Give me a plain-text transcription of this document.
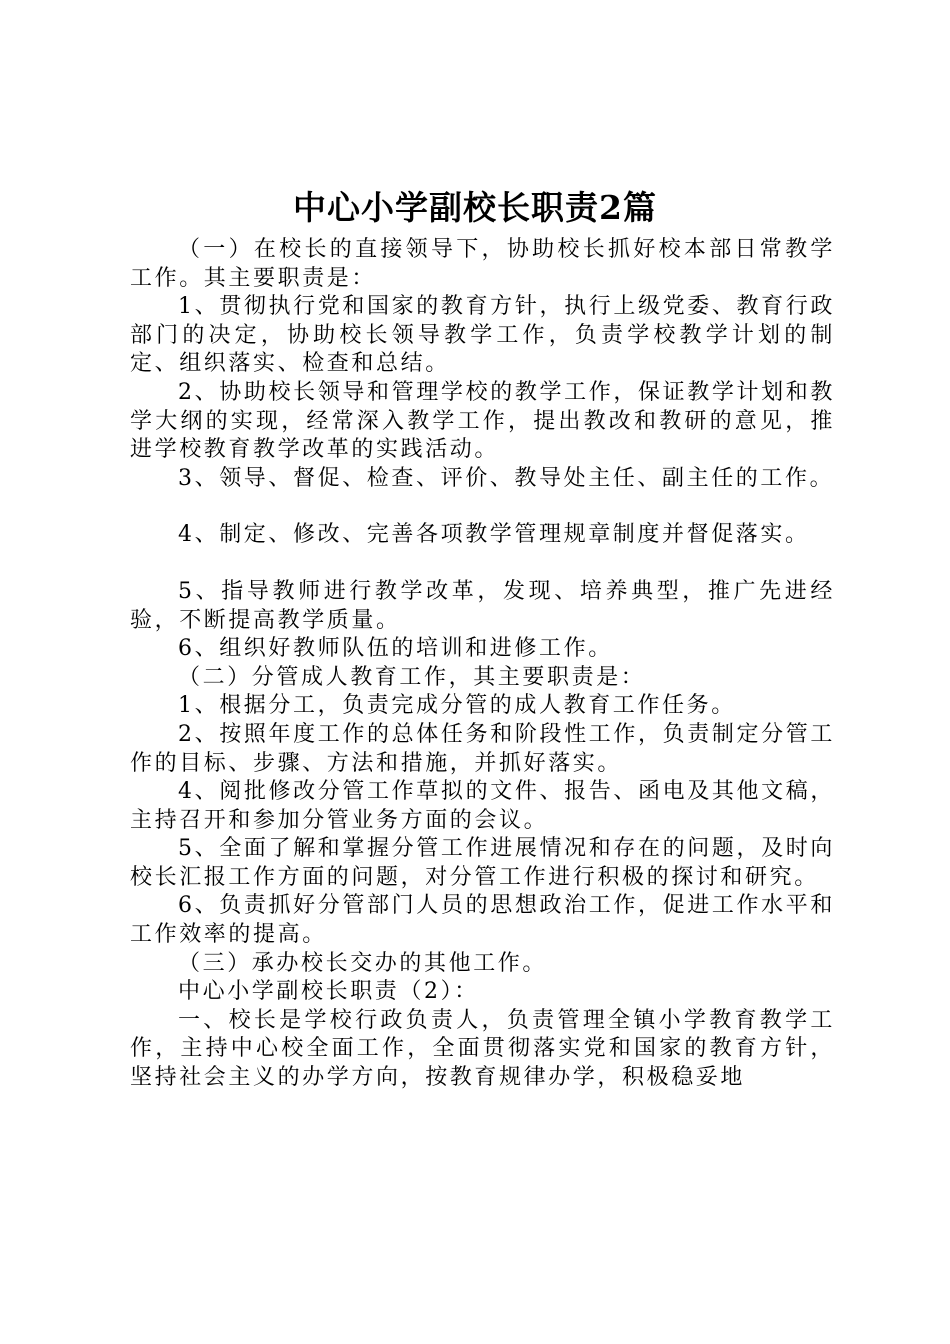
中心小学副校长职责2篇

（一）在校长的直接领导下，协助校长抓好校本部日常教学工作。其主要职责是：

1、贯彻执行党和国家的教育方针，执行上级党委、教育行政部门的决定，协助校长领导教学工作，负责学校教学计划的制定、组织落实、检查和总结。

2、协助校长领导和管理学校的教学工作，保证教学计划和教学大纲的实现，经常深入教学工作，提出教改和教研的意见，推进学校教育教学改革的实践活动。

3、领导、督促、检查、评价、教导处主任、副主任的工作。

4、制定、修改、完善各项教学管理规章制度并督促落实。

5、指导教师进行教学改革，发现、培养典型，推广先进经验，不断提高教学质量。

6、组织好教师队伍的培训和进修工作。

（二）分管成人教育工作，其主要职责是：

1、根据分工，负责完成分管的成人教育工作任务。

2、按照年度工作的总体任务和阶段性工作，负责制定分管工作的目标、步骤、方法和措施，并抓好落实。

4、阅批修改分管工作草拟的文件、报告、函电及其他文稿，主持召开和参加分管业务方面的会议。

5、全面了解和掌握分管工作进展情况和存在的问题，及时向校长汇报工作方面的问题，对分管工作进行积极的探讨和研究。

6、负责抓好分管部门人员的思想政治工作，促进工作水平和工作效率的提高。

（三）承办校长交办的其他工作。

中心小学副校长职责（2）：

一、校长是学校行政负责人，负责管理全镇小学教育教学工作，主持中心校全面工作，全面贯彻落实党和国家的教育方针，坚持社会主义的办学方向，按教育规律办学，积极稳妥地
